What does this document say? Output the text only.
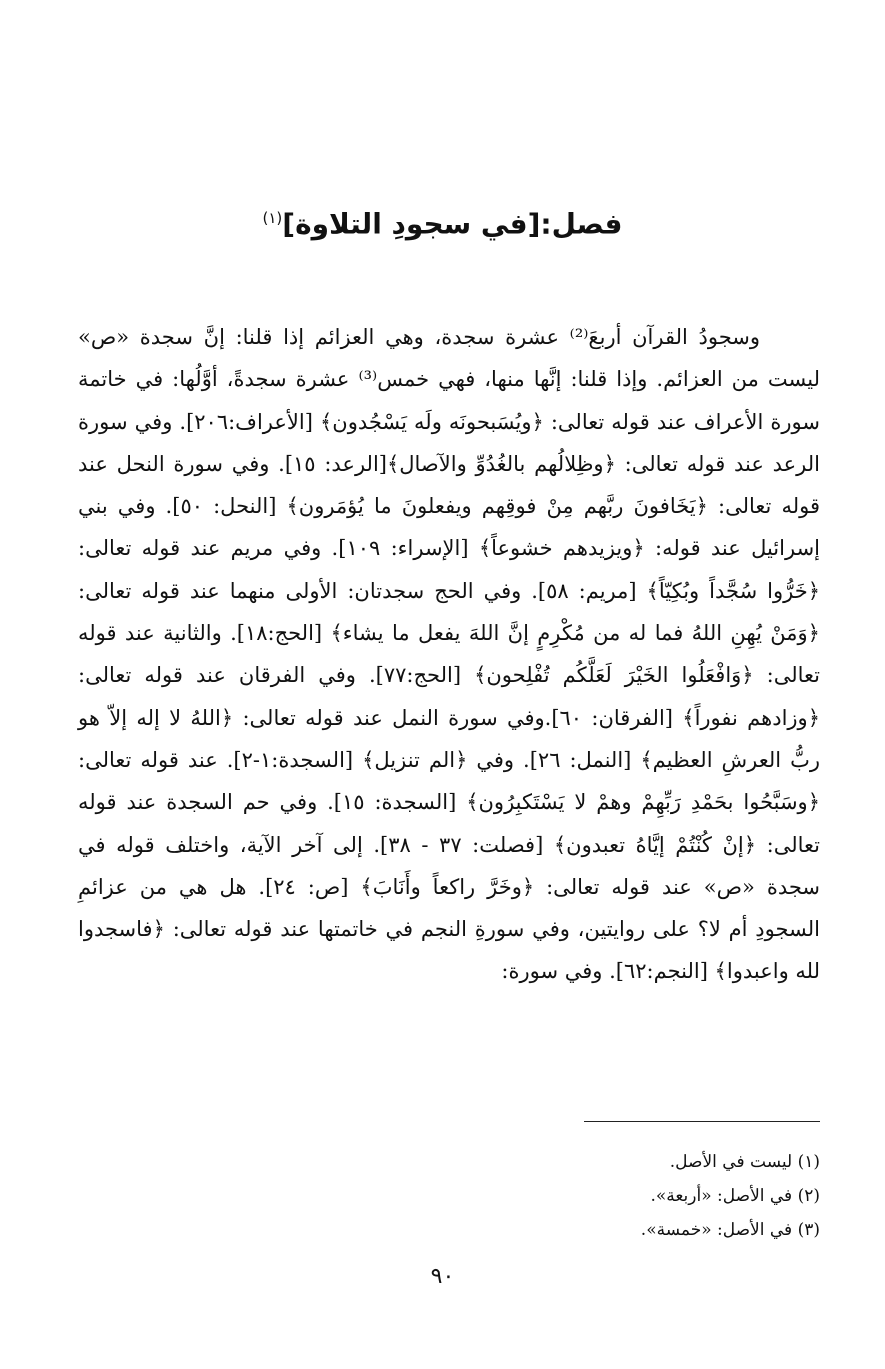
فصل:[في سجودِ التلاوة]$^{(١)}$

وسجودُ القرآن أربعَ⁽²⁾ عشرة سجدة، وهي العزائم إذا قلنا: إنَّ سجدة «ص» ليست من العزائم. وإذا قلنا: إنَّها منها، فهي خمس⁽³⁾ عشرة سجدةً، أوَّلُها: في خاتمة سورة الأعراف عند قوله تعالى: ﴿ويُسَبحونَه ولَه يَسْجُدون﴾ [الأعراف:٢٠٦]. وفي سورة الرعد عند قوله تعالى: ﴿وظِلالُهم بالغُدُوِّ والآصال﴾[الرعد: ١٥]. وفي سورة النحل عند قوله تعالى: ﴿يَخَافونَ ربَّهم مِنْ فوقِهم ويفعلونَ ما يُؤمَرون﴾ [النحل: ٥٠]. وفي بني إسرائيل عند قوله: ﴿ويزيدهم خشوعاً﴾ [الإسراء: ١٠٩]. وفي مريم عند قوله تعالى: ﴿خَرُّوا سُجَّداً وبُكِيّاً﴾ [مريم: ٥٨]. وفي الحج سجدتان: الأولى منهما عند قوله تعالى: ﴿وَمَنْ يُهِنِ اللهُ فما له من مُكْرِمٍ إنَّ اللهَ يفعل ما يشاء﴾ [الحج:١٨]. والثانية عند قوله تعالى: ﴿وَافْعَلُوا الخَيْرَ لَعَلَّكُم تُفْلِحون﴾ [الحج:٧٧]. وفي الفرقان عند قوله تعالى: ﴿وزادهم نفوراً﴾ [الفرقان: ٦٠].وفي سورة النمل عند قوله تعالى: ﴿اللهُ لا إله إلاّ هو ربُّ العرشِ العظيم﴾ [النمل: ٢٦]. وفي ﴿الم تنزيل﴾ [السجدة:١-٢]. عند قوله تعالى:﴿وسَبَّحُوا بحَمْدِ رَبِّهِمْ وهمْ لا يَسْتَكبِرُون﴾ [السجدة: ١٥]. وفي حم السجدة عند قوله تعالى: ﴿إنْ كُنْتُمْ إيَّاهُ تعبدون﴾ [فصلت: ٣٧ - ٣٨]. إلى آخر الآية، واختلف قوله في سجدة «ص» عند قوله تعالى: ﴿وخَرَّ راكعاً وأَنَابَ﴾ [ص: ٢٤]. هل هي من عزائمِ السجودِ أم لا؟ على روايتين، وفي سورةِ النجم في خاتمتها عند قوله تعالى: ﴿فاسجدوا لله واعبدوا﴾ [النجم:٦٢]. وفي سورة:

(١) ليست في الأصل.
(٢) في الأصل: «أربعة».
(٣) في الأصل: «خمسة».
٩٠
